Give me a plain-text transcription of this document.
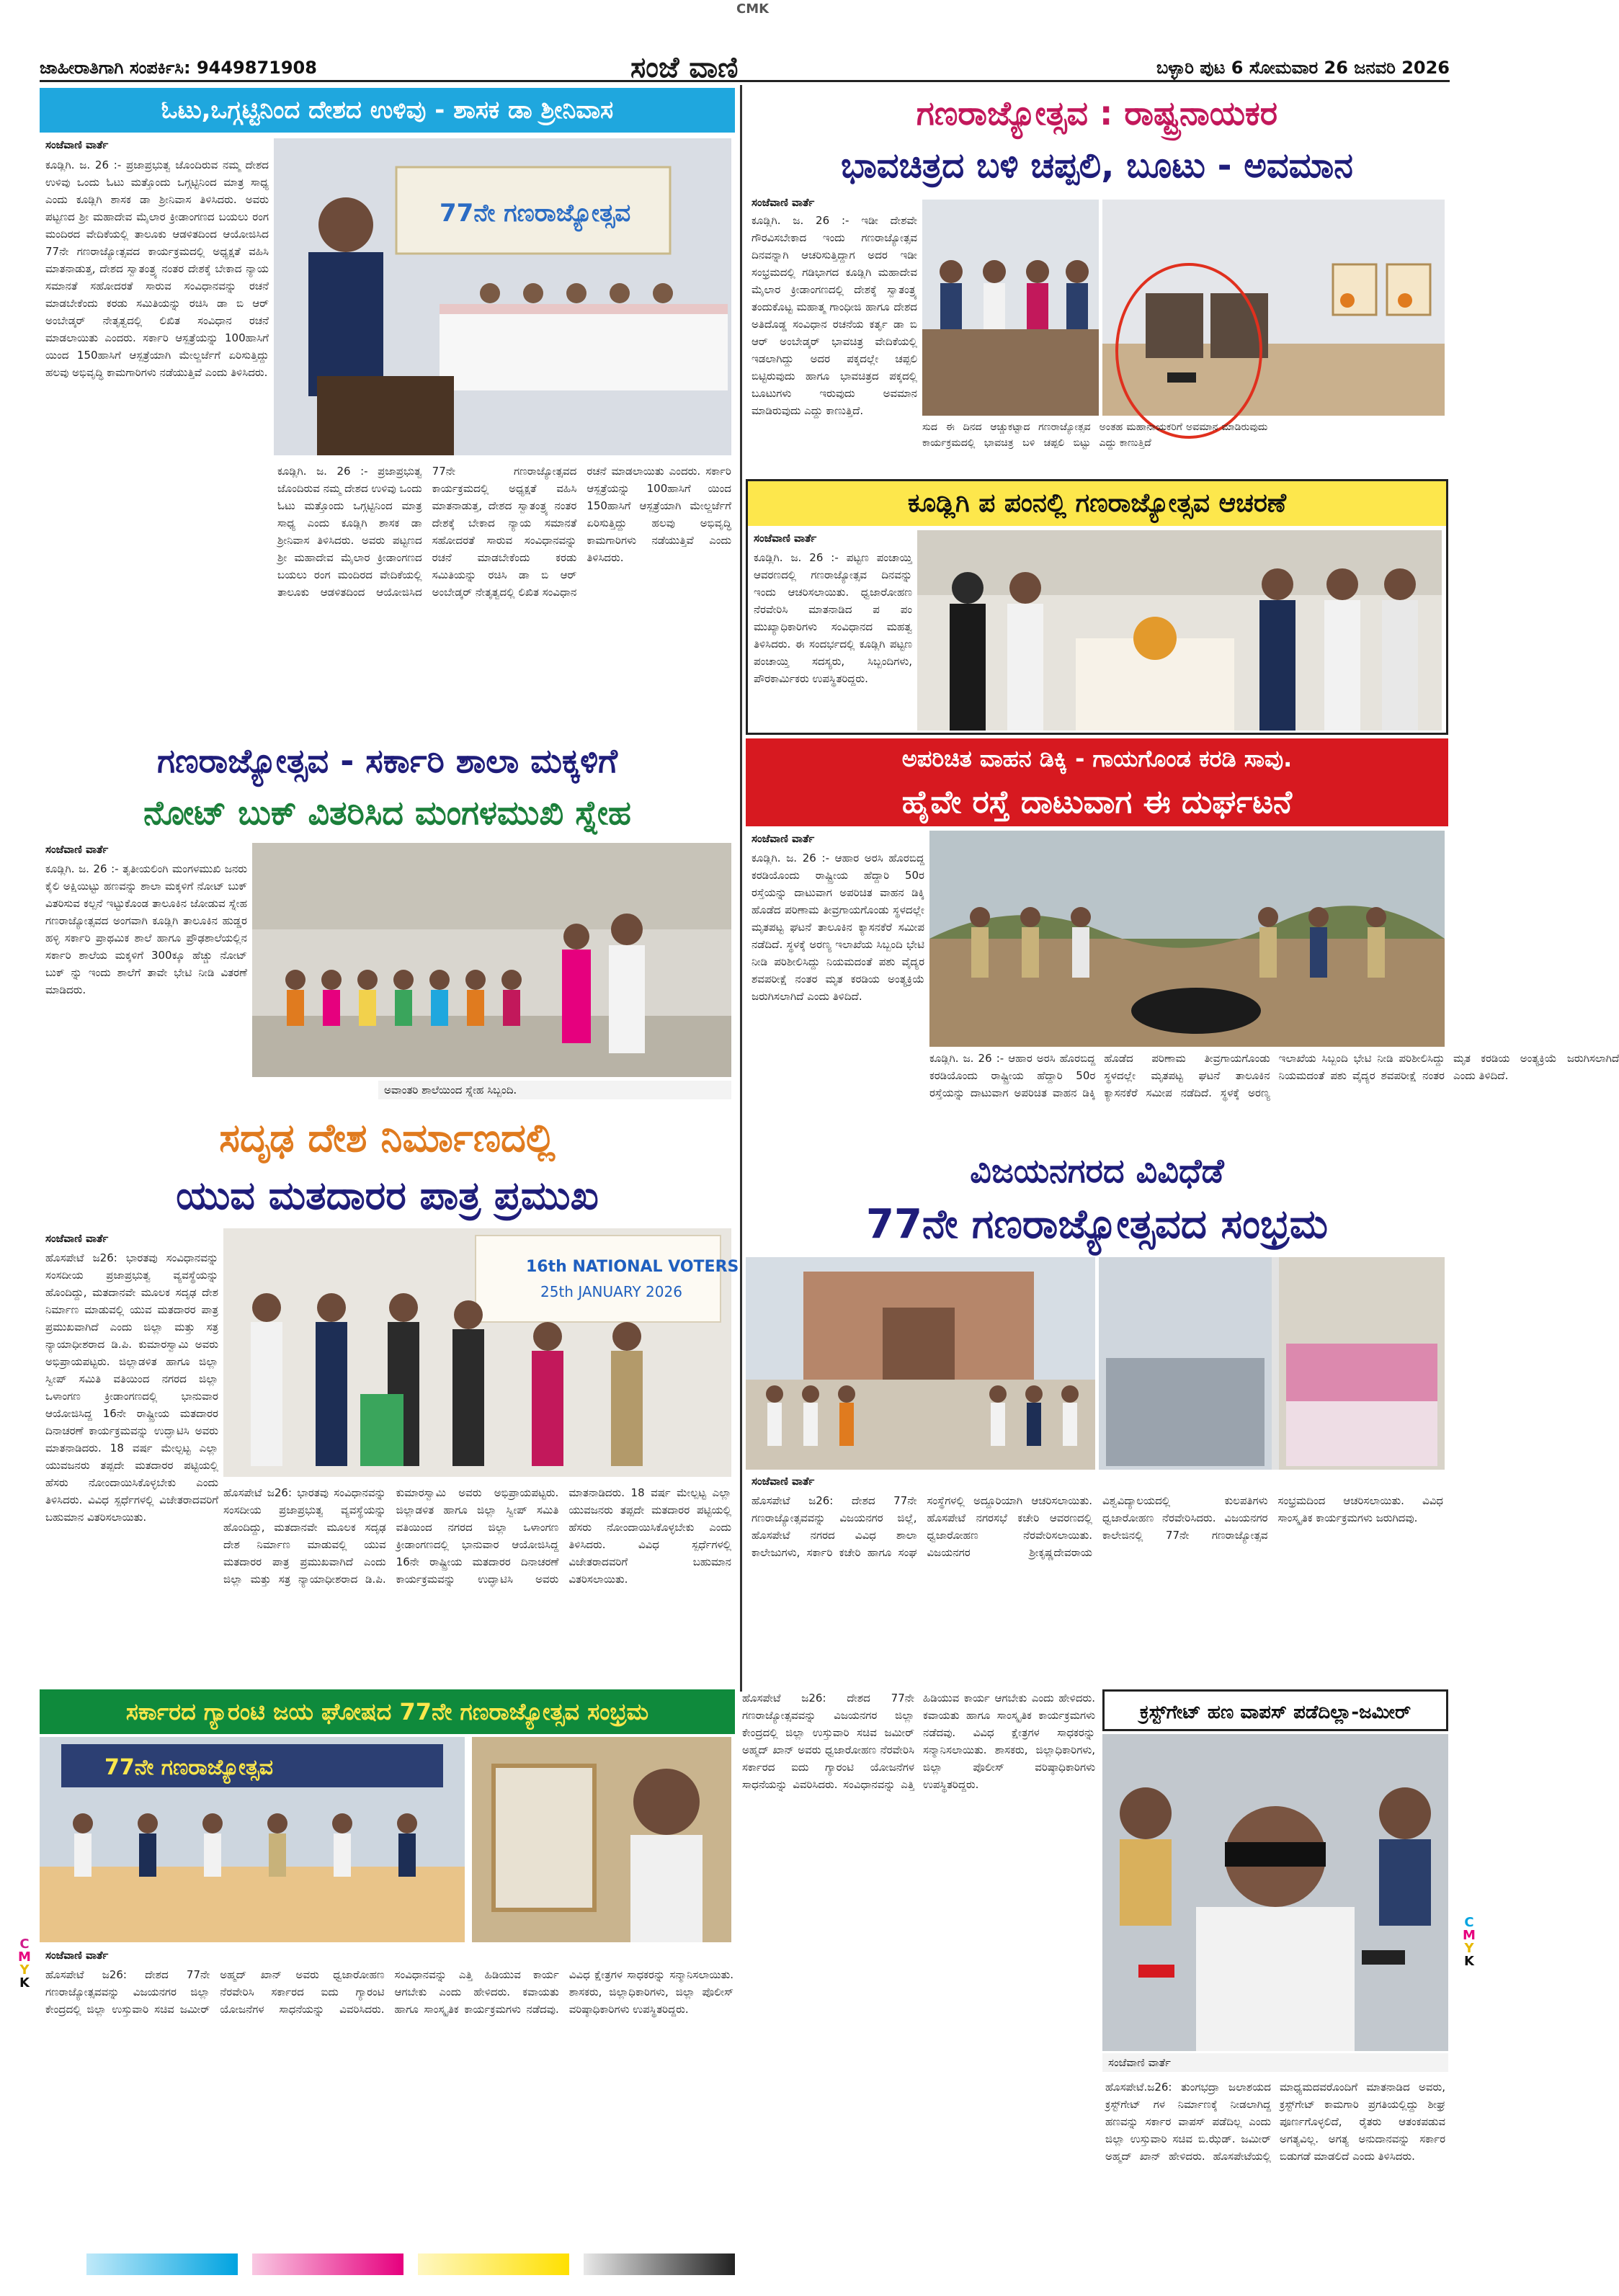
CMK
C
M
Y
K
C
M
Y
K
ಜಾಹೀರಾತಿಗಾಗಿ ಸಂಪರ್ಕಿಸಿ: 9449871908	ಸಂಜೆ ವಾಣಿ	ಬಳ್ಳಾರಿ ಪುಟ 6 ಸೋಮವಾರ 26 ಜನವರಿ 2026
ಓಟು,ಒಗ್ಗಟ್ಟಿನಿಂದ ದೇಶದ ಉಳಿವು - ಶಾಸಕ ಡಾ ಶ್ರೀನಿವಾಸ
ಸಂಜೆವಾಣಿ ವಾರ್ತೆ
ಕೂಡ್ಲಿಗಿ. ಜ. 26 :- ಪ್ರಜಾಪ್ರಭುತ್ವ ಜೊಂದಿರುವ ನಮ್ಮ ದೇಶದ ಉಳಿವು ಒಂದು ಓಟು ಮತ್ತೊಂದು ಒಗ್ಗಟ್ಟಿನಿಂದ ಮಾತ್ರ ಸಾಧ್ಯ ಎಂದು ಕೂಡ್ಲಿಗಿ ಶಾಸಕ ಡಾ ಶ್ರೀನಿವಾಸ ತಿಳಿಸಿದರು. ಅವರು ಪಟ್ಟಣದ ಶ್ರೀ ಮಹಾದೇವ ಮೈಲಾರ ಕ್ರೀಡಾಂಗಣದ ಬಯಲು ರಂಗ ಮಂದಿರದ ವೇದಿಕೆಯಲ್ಲಿ ತಾಲೂಕು ಆಡಳಿತದಿಂದ ಆಯೋಜಿಸಿದ 77ನೇ ಗಣರಾಜ್ಯೋತ್ಸವದ ಕಾರ್ಯಕ್ರಮದಲ್ಲಿ ಅಧ್ಯಕ್ಷತೆ ವಹಿಸಿ ಮಾತನಾಡುತ್ತ, ದೇಶದ ಸ್ವಾತಂತ್ರ್ಯ ನಂತರ ದೇಶಕ್ಕೆ ಬೇಕಾದ ನ್ಯಾಯ ಸಮಾನತೆ ಸಹೋದರತೆ ಸಾರುವ ಸಂವಿಧಾನವನ್ನು ರಚನೆ ಮಾಡಬೇಕೆಂದು ಕರಡು ಸಮಿತಿಯನ್ನು ರಚಿಸಿ ಡಾ ಬಿ ಆರ್ ಅಂಬೇಡ್ಕರ್ ನೇತೃತ್ವದಲ್ಲಿ ಲಿಖಿತ ಸಂವಿಧಾನ ರಚನೆ ಮಾಡಲಾಯಿತು ಎಂದರು. ಸರ್ಕಾರಿ ಆಸ್ಪತ್ರೆಯನ್ನು 100ಹಾಸಿಗೆ ಯಿಂದ 150ಹಾಸಿಗೆ ಆಸ್ಪತ್ರೆಯಾಗಿ ಮೇಲ್ದರ್ಜೆಗೆ ಏರಿಸುತ್ತಿದ್ದು ಹಲವು ಅಭಿವೃದ್ಧಿ ಕಾಮಗಾರಿಗಳು ನಡೆಯುತ್ತಿವೆ ಎಂದು ತಿಳಿಸಿದರು.
77ನೇ ಗಣರಾಜ್ಯೋತ್ಸವ
ಕೂಡ್ಲಿಗಿ. ಜ. 26 :- ಪ್ರಜಾಪ್ರಭುತ್ವ ಜೊಂದಿರುವ ನಮ್ಮ ದೇಶದ ಉಳಿವು ಒಂದು ಓಟು ಮತ್ತೊಂದು ಒಗ್ಗಟ್ಟಿನಿಂದ ಮಾತ್ರ ಸಾಧ್ಯ ಎಂದು ಕೂಡ್ಲಿಗಿ ಶಾಸಕ ಡಾ ಶ್ರೀನಿವಾಸ ತಿಳಿಸಿದರು. ಅವರು ಪಟ್ಟಣದ ಶ್ರೀ ಮಹಾದೇವ ಮೈಲಾರ ಕ್ರೀಡಾಂಗಣದ ಬಯಲು ರಂಗ ಮಂದಿರದ ವೇದಿಕೆಯಲ್ಲಿ ತಾಲೂಕು ಆಡಳಿತದಿಂದ ಆಯೋಜಿಸಿದ 77ನೇ ಗಣರಾಜ್ಯೋತ್ಸವದ ಕಾರ್ಯಕ್ರಮದಲ್ಲಿ ಅಧ್ಯಕ್ಷತೆ ವಹಿಸಿ ಮಾತನಾಡುತ್ತ, ದೇಶದ ಸ್ವಾತಂತ್ರ್ಯ ನಂತರ ದೇಶಕ್ಕೆ ಬೇಕಾದ ನ್ಯಾಯ ಸಮಾನತೆ ಸಹೋದರತೆ ಸಾರುವ ಸಂವಿಧಾನವನ್ನು ರಚನೆ ಮಾಡಬೇಕೆಂದು ಕರಡು ಸಮಿತಿಯನ್ನು ರಚಿಸಿ ಡಾ ಬಿ ಆರ್ ಅಂಬೇಡ್ಕರ್ ನೇತೃತ್ವದಲ್ಲಿ ಲಿಖಿತ ಸಂವಿಧಾನ ರಚನೆ ಮಾಡಲಾಯಿತು ಎಂದರು. ಸರ್ಕಾರಿ ಆಸ್ಪತ್ರೆಯನ್ನು 100ಹಾಸಿಗೆ ಯಿಂದ 150ಹಾಸಿಗೆ ಆಸ್ಪತ್ರೆಯಾಗಿ ಮೇಲ್ದರ್ಜೆಗೆ ಏರಿಸುತ್ತಿದ್ದು ಹಲವು ಅಭಿವೃದ್ಧಿ ಕಾಮಗಾರಿಗಳು ನಡೆಯುತ್ತಿವೆ ಎಂದು ತಿಳಿಸಿದರು.
ಗಣರಾಜ್ಯೋತ್ಸವ : ರಾಷ್ಟ್ರನಾಯಕರ
ಭಾವಚಿತ್ರದ ಬಳಿ ಚಪ್ಪಲಿ, ಬೂಟು - ಅವಮಾನ
ಸಂಜೆವಾಣಿ ವಾರ್ತೆ
ಕೂಡ್ಲಿಗಿ. ಜ. 26 :- ಇಡೀ ದೇಶವೇ ಗೌರವಿಸಬೇಕಾದ ಇಂದು ಗಣರಾಜ್ಯೋತ್ಸವ ದಿನವನ್ನಾಗಿ ಆಚರಿಸುತ್ತಿದ್ದಾಗ ಅದರ ಇಡೀ ಸಂಭ್ರಮದಲ್ಲಿ ಗಡಿಭಾಗದ ಕೂಡ್ಲಿಗಿ ಮಹಾದೇವ ಮೈಲಾರ ಕ್ರೀಡಾಂಗಣದಲ್ಲಿ ದೇಶಕ್ಕೆ ಸ್ವಾತಂತ್ರ್ಯ ತಂದುಕೊಟ್ಟ ಮಹಾತ್ಮ ಗಾಂಧೀಜಿ ಹಾಗೂ ದೇಶದ ಅತಿದೊಡ್ಡ ಸಂವಿಧಾನ ರಚನೆಯ ಕರ್ತೃ ಡಾ ಬಿ ಆರ್ ಅಂಬೇಡ್ಕರ್ ಭಾವಚಿತ್ರ ವೇದಿಕೆಯಲ್ಲಿ ಇಡಲಾಗಿದ್ದು ಅದರ ಪಕ್ಕದಲ್ಲೇ ಚಪ್ಪಲಿ ಬಿಟ್ಟಿರುವುದು ಹಾಗೂ ಭಾವಚಿತ್ರದ ಪಕ್ಕದಲ್ಲಿ ಬೂಟುಗಳು ಇರುವುದು ಅವಮಾನ ಮಾಡಿರುವುದು ಎದ್ದು ಕಾಣುತ್ತಿದೆ.
ಸುದ ಈ ದಿನದ ಆಚ್ಚುಕಟ್ಟಾದ ಗಣರಾಜ್ಯೋತ್ಸವ ಕಾರ್ಯಕ್ರಮದಲ್ಲಿ ಭಾವಚಿತ್ರ ಬಳಿ ಚಪ್ಪಲಿ ಬಿಟ್ಟು ಅಂತಹ ಮಹಾನಾಯಕರಿಗೆ ಅವಮಾನ ಮಾಡಿರುವುದು ಎದ್ದು ಕಾಣುತ್ತಿದೆ
ಕೂಡ್ಲಿಗಿ ಪ ಪಂನಲ್ಲಿ ಗಣರಾಜ್ಯೋತ್ಸವ ಆಚರಣೆ
ಸಂಜೆವಾಣಿ ವಾರ್ತೆ
ಕೂಡ್ಲಿಗಿ. ಜ. 26 :- ಪಟ್ಟಣ ಪಂಚಾಯ್ತಿ ಆವರಣದಲ್ಲಿ ಗಣರಾಜ್ಯೋತ್ಸವ ದಿನವನ್ನು ಇಂದು ಆಚರಿಸಲಾಯಿತು. ಧ್ವಜಾರೋಹಣ ನೆರವೇರಿಸಿ ಮಾತನಾಡಿದ ಪ ಪಂ ಮುಖ್ಯಾಧಿಕಾರಿಗಳು ಸಂವಿಧಾನದ ಮಹತ್ವ ತಿಳಿಸಿದರು. ಈ ಸಂದರ್ಭದಲ್ಲಿ ಕೂಡ್ಲಿಗಿ ಪಟ್ಟಣ ಪಂಚಾಯ್ತಿ ಸದಸ್ಯರು, ಸಿಬ್ಬಂದಿಗಳು, ಪೌರಕಾರ್ಮಿಕರು ಉಪಸ್ಥಿತರಿದ್ದರು.
ಗಣರಾಜ್ಯೋತ್ಸವ - ಸರ್ಕಾರಿ ಶಾಲಾ ಮಕ್ಕಳಿಗೆ
ನೋಟ್ ಬುಕ್ ವಿತರಿಸಿದ ಮಂಗಳಮುಖಿ ಸ್ನೇಹ
ಸಂಜೆವಾಣಿ ವಾರ್ತೆ
ಕೂಡ್ಲಿಗಿ. ಜ. 26 :- ತೃತೀಯಲಿಂಗಿ ಮಂಗಳಮುಖಿ ಜನರು ಕೈಲಿ ಅಕ್ಷಿಯಿಟ್ಟು ಹಣವನ್ನು ಶಾಲಾ ಮಕ್ಕಳಿಗೆ ನೋಟ್ ಬುಕ್ ವಿತರಿಸುವ ಕಲ್ಪನೆ ಇಟ್ಟುಕೊಂಡ ತಾಲೂಕಿನ ಜೋಡುವ ಸ್ನೇಹ ಗಣರಾಜ್ಯೋತ್ಸವದ ಅಂಗವಾಗಿ ಕೂಡ್ಲಿಗಿ ತಾಲೂಕಿನ ಹುಡ್ಡರ ಹಳ್ಳಿ ಸರ್ಕಾರಿ ಪ್ರಾಥಮಿಕ ಶಾಲೆ ಹಾಗೂ ಪ್ರೌಢಶಾಲೆಯಲ್ಲಿನ ಸರ್ಕಾರಿ ಶಾಲೆಯ ಮಕ್ಕಳಿಗೆ 300ಕ್ಕೂ ಹೆಚ್ಚು ನೋಟ್ ಬುಕ್ ನ್ನು ಇಂದು ಶಾಲೆಗೆ ತಾವೇ ಭೇಟಿ ನೀಡಿ ವಿತರಣೆ ಮಾಡಿದರು.
ಅವಾಂತರಿ ಶಾಲೆಯಿಂದ ಸ್ನೇಹ ಸಿಬ್ಬಂದಿ.
ಅಪರಿಚಿತ ವಾಹನ ಡಿಕ್ಕಿ - ಗಾಯಗೊಂಡ ಕರಡಿ ಸಾವು.
ಹೈವೇ ರಸ್ತೆ ದಾಟುವಾಗ ಈ ದುರ್ಘಟನೆ
ಸಂಜೆವಾಣಿ ವಾರ್ತೆ
ಕೂಡ್ಲಿಗಿ. ಜ. 26 :- ಆಹಾರ ಅರಸಿ ಹೊರಬಿದ್ದ ಕರಡಿಯೊಂದು ರಾಷ್ಟ್ರೀಯ ಹೆದ್ದಾರಿ 50ರ ರಸ್ತೆಯನ್ನು ದಾಟುವಾಗ ಅಪರಿಚಿತ ವಾಹನ ಡಿಕ್ಕಿ ಹೊಡೆದ ಪರಿಣಾಮ ತೀವ್ರಗಾಯಗೊಂಡು ಸ್ಥಳದಲ್ಲೇ ಮೃತಪಟ್ಟ ಘಟನೆ ತಾಲೂಕಿನ ಕ್ಯಾಸನಕೆರೆ ಸಮೀಪ ನಡೆದಿದೆ. ಸ್ಥಳಕ್ಕೆ ಅರಣ್ಯ ಇಲಾಖೆಯ ಸಿಬ್ಬಂದಿ ಭೇಟಿ ನೀಡಿ ಪರಿಶೀಲಿಸಿದ್ದು ನಿಯಮದಂತೆ ಪಶು ವೈದ್ಯರ ಶವಪರೀಕ್ಷೆ ನಂತರ ಮೃತ ಕರಡಿಯ ಅಂತ್ಯಕ್ರಿಯೆ ಜರುಗಿಸಲಾಗಿದೆ ಎಂದು ತಿಳಿದಿದೆ.
ಕೂಡ್ಲಿಗಿ. ಜ. 26 :- ಆಹಾರ ಅರಸಿ ಹೊರಬಿದ್ದ ಕರಡಿಯೊಂದು ರಾಷ್ಟ್ರೀಯ ಹೆದ್ದಾರಿ 50ರ ರಸ್ತೆಯನ್ನು ದಾಟುವಾಗ ಅಪರಿಚಿತ ವಾಹನ ಡಿಕ್ಕಿ ಹೊಡೆದ ಪರಿಣಾಮ ತೀವ್ರಗಾಯಗೊಂಡು ಸ್ಥಳದಲ್ಲೇ ಮೃತಪಟ್ಟ ಘಟನೆ ತಾಲೂಕಿನ ಕ್ಯಾಸನಕೆರೆ ಸಮೀಪ ನಡೆದಿದೆ. ಸ್ಥಳಕ್ಕೆ ಅರಣ್ಯ ಇಲಾಖೆಯ ಸಿಬ್ಬಂದಿ ಭೇಟಿ ನೀಡಿ ಪರಿಶೀಲಿಸಿದ್ದು ನಿಯಮದಂತೆ ಪಶು ವೈದ್ಯರ ಶವಪರೀಕ್ಷೆ ನಂತರ ಮೃತ ಕರಡಿಯ ಅಂತ್ಯಕ್ರಿಯೆ ಜರುಗಿಸಲಾಗಿದೆ ಎಂದು ತಿಳಿದಿದೆ.
ಸದೃಢ ದೇಶ ನಿರ್ಮಾಣದಲ್ಲಿ
ಯುವ ಮತದಾರರ ಪಾತ್ರ ಪ್ರಮುಖ
ಸಂಜೆವಾಣಿ ವಾರ್ತೆ
ಹೊಸಪೇಟೆ ಜ26: ಭಾರತವು ಸಂವಿಧಾನವನ್ನು ಸಂಸದೀಯ ಪ್ರಜಾಪ್ರಭುತ್ವ ವ್ಯವಸ್ಥೆಯನ್ನು ಹೊಂದಿದ್ದು, ಮತದಾನವೇ ಮೂಲಕ ಸದೃಢ ದೇಶ ನಿರ್ಮಾಣ ಮಾಡುವಲ್ಲಿ ಯುವ ಮತದಾರರ ಪಾತ್ರ ಪ್ರಮುಖವಾಗಿದೆ ಎಂದು ಜಿಲ್ಲಾ ಮತ್ತು ಸತ್ರ ನ್ಯಾಯಾಧೀಶರಾದ ಡಿ.ಪಿ. ಕುಮಾರಸ್ವಾಮಿ ಅವರು ಅಭಿಪ್ರಾಯಪಟ್ಟರು. ಜಿಲ್ಲಾಡಳಿತ ಹಾಗೂ ಜಿಲ್ಲಾ ಸ್ವೀಪ್ ಸಮಿತಿ ವತಿಯಿಂದ ನಗರದ ಜಿಲ್ಲಾ ಒಳಾಂಗಣ ಕ್ರೀಡಾಂಗಣದಲ್ಲಿ ಭಾನುವಾರ ಆಯೋಜಿಸಿದ್ದ 16ನೇ ರಾಷ್ಟ್ರೀಯ ಮತದಾರರ ದಿನಾಚರಣೆ ಕಾರ್ಯಕ್ರಮವನ್ನು ಉದ್ಘಾಟಿಸಿ ಅವರು ಮಾತನಾಡಿದರು. 18 ವರ್ಷ ಮೇಲ್ಪಟ್ಟ ಎಲ್ಲಾ ಯುವಜನರು ತಪ್ಪದೇ ಮತದಾರರ ಪಟ್ಟಿಯಲ್ಲಿ ಹೆಸರು ನೋಂದಾಯಿಸಿಕೊಳ್ಳಬೇಕು ಎಂದು ತಿಳಿಸಿದರು. ವಿವಿಧ ಸ್ಪರ್ಧೆಗಳಲ್ಲಿ ವಿಜೇತರಾದವರಿಗೆ ಬಹುಮಾನ ವಿತರಿಸಲಾಯಿತು.
16th NATIONAL VOTERS
25th JANUARY 2026
ಹೊಸಪೇಟೆ ಜ26: ಭಾರತವು ಸಂವಿಧಾನವನ್ನು ಸಂಸದೀಯ ಪ್ರಜಾಪ್ರಭುತ್ವ ವ್ಯವಸ್ಥೆಯನ್ನು ಹೊಂದಿದ್ದು, ಮತದಾನವೇ ಮೂಲಕ ಸದೃಢ ದೇಶ ನಿರ್ಮಾಣ ಮಾಡುವಲ್ಲಿ ಯುವ ಮತದಾರರ ಪಾತ್ರ ಪ್ರಮುಖವಾಗಿದೆ ಎಂದು ಜಿಲ್ಲಾ ಮತ್ತು ಸತ್ರ ನ್ಯಾಯಾಧೀಶರಾದ ಡಿ.ಪಿ. ಕುಮಾರಸ್ವಾಮಿ ಅವರು ಅಭಿಪ್ರಾಯಪಟ್ಟರು. ಜಿಲ್ಲಾಡಳಿತ ಹಾಗೂ ಜಿಲ್ಲಾ ಸ್ವೀಪ್ ಸಮಿತಿ ವತಿಯಿಂದ ನಗರದ ಜಿಲ್ಲಾ ಒಳಾಂಗಣ ಕ್ರೀಡಾಂಗಣದಲ್ಲಿ ಭಾನುವಾರ ಆಯೋಜಿಸಿದ್ದ 16ನೇ ರಾಷ್ಟ್ರೀಯ ಮತದಾರರ ದಿನಾಚರಣೆ ಕಾರ್ಯಕ್ರಮವನ್ನು ಉದ್ಘಾಟಿಸಿ ಅವರು ಮಾತನಾಡಿದರು. 18 ವರ್ಷ ಮೇಲ್ಪಟ್ಟ ಎಲ್ಲಾ ಯುವಜನರು ತಪ್ಪದೇ ಮತದಾರರ ಪಟ್ಟಿಯಲ್ಲಿ ಹೆಸರು ನೋಂದಾಯಿಸಿಕೊಳ್ಳಬೇಕು ಎಂದು ತಿಳಿಸಿದರು. ವಿವಿಧ ಸ್ಪರ್ಧೆಗಳಲ್ಲಿ ವಿಜೇತರಾದವರಿಗೆ ಬಹುಮಾನ ವಿತರಿಸಲಾಯಿತು.
ವಿಜಯನಗರದ ವಿವಿಧೆಡೆ
77ನೇ ಗಣರಾಜ್ಯೋತ್ಸವದ ಸಂಭ್ರಮ
ಸಂಜೆವಾಣಿ ವಾರ್ತೆ
ಹೊಸಪೇಟೆ ಜ26: ದೇಶದ 77ನೇ ಗಣರಾಜ್ಯೋತ್ಸವವನ್ನು ವಿಜಯನಗರ ಜಿಲ್ಲೆ, ಹೊಸಪೇಟೆ ನಗರದ ವಿವಿಧ ಶಾಲಾ ಕಾಲೇಜುಗಳು, ಸರ್ಕಾರಿ ಕಚೇರಿ ಹಾಗೂ ಸಂಘ ಸಂಸ್ಥೆಗಳಲ್ಲಿ ಅದ್ದೂರಿಯಾಗಿ ಆಚರಿಸಲಾಯಿತು. ಹೊಸಪೇಟೆ ನಗರಸಭೆ ಕಚೇರಿ ಆವರಣದಲ್ಲಿ ಧ್ವಜಾರೋಹಣ ನೆರವೇರಿಸಲಾಯಿತು. ವಿಜಯನಗರ ಶ್ರೀಕೃಷ್ಣದೇವರಾಯ ವಿಶ್ವವಿದ್ಯಾಲಯದಲ್ಲಿ ಕುಲಪತಿಗಳು ಧ್ವಜಾರೋಹಣ ನೆರವೇರಿಸಿದರು. ವಿಜಯನಗರ ಕಾಲೇಜಿನಲ್ಲಿ 77ನೇ ಗಣರಾಜ್ಯೋತ್ಸವ ಸಂಭ್ರಮದಿಂದ ಆಚರಿಸಲಾಯಿತು. ವಿವಿಧ ಸಾಂಸ್ಕೃತಿಕ ಕಾರ್ಯಕ್ರಮಗಳು ಜರುಗಿದವು.
ಸರ್ಕಾರದ ಗ್ಯಾರಂಟಿ ಜಯ ಘೋಷದ 77ನೇ ಗಣರಾಜ್ಯೋತ್ಸವ ಸಂಭ್ರಮ
77ನೇ ಗಣರಾಜ್ಯೋತ್ಸವ
ಸಂಜೆವಾಣಿ ವಾರ್ತೆ
ಹೊಸಪೇಟೆ ಜ26: ದೇಶದ 77ನೇ ಗಣರಾಜ್ಯೋತ್ಸವವನ್ನು ವಿಜಯನಗರ ಜಿಲ್ಲಾ ಕೇಂದ್ರದಲ್ಲಿ ಜಿಲ್ಲಾ ಉಸ್ತುವಾರಿ ಸಚಿವ ಜಮೀರ್ ಅಹ್ಮದ್ ಖಾನ್ ಅವರು ಧ್ವಜಾರೋಹಣ ನೆರವೇರಿಸಿ ಸರ್ಕಾರದ ಐದು ಗ್ಯಾರಂಟಿ ಯೋಜನೆಗಳ ಸಾಧನೆಯನ್ನು ವಿವರಿಸಿದರು. ಸಂವಿಧಾನವನ್ನು ಎತ್ತಿ ಹಿಡಿಯುವ ಕಾರ್ಯ ಆಗಬೇಕು ಎಂದು ಹೇಳಿದರು. ಕವಾಯತು ಹಾಗೂ ಸಾಂಸ್ಕೃತಿಕ ಕಾರ್ಯಕ್ರಮಗಳು ನಡೆದವು. ವಿವಿಧ ಕ್ಷೇತ್ರಗಳ ಸಾಧಕರನ್ನು ಸನ್ಮಾನಿಸಲಾಯಿತು. ಶಾಸಕರು, ಜಿಲ್ಲಾಧಿಕಾರಿಗಳು, ಜಿಲ್ಲಾ ಪೊಲೀಸ್ ವರಿಷ್ಠಾಧಿಕಾರಿಗಳು ಉಪಸ್ಥಿತರಿದ್ದರು.
ಹೊಸಪೇಟೆ ಜ26: ದೇಶದ 77ನೇ ಗಣರಾಜ್ಯೋತ್ಸವವನ್ನು ವಿಜಯನಗರ ಜಿಲ್ಲಾ ಕೇಂದ್ರದಲ್ಲಿ ಜಿಲ್ಲಾ ಉಸ್ತುವಾರಿ ಸಚಿವ ಜಮೀರ್ ಅಹ್ಮದ್ ಖಾನ್ ಅವರು ಧ್ವಜಾರೋಹಣ ನೆರವೇರಿಸಿ ಸರ್ಕಾರದ ಐದು ಗ್ಯಾರಂಟಿ ಯೋಜನೆಗಳ ಸಾಧನೆಯನ್ನು ವಿವರಿಸಿದರು. ಸಂವಿಧಾನವನ್ನು ಎತ್ತಿ ಹಿಡಿಯುವ ಕಾರ್ಯ ಆಗಬೇಕು ಎಂದು ಹೇಳಿದರು. ಕವಾಯತು ಹಾಗೂ ಸಾಂಸ್ಕೃತಿಕ ಕಾರ್ಯಕ್ರಮಗಳು ನಡೆದವು. ವಿವಿಧ ಕ್ಷೇತ್ರಗಳ ಸಾಧಕರನ್ನು ಸನ್ಮಾನಿಸಲಾಯಿತು. ಶಾಸಕರು, ಜಿಲ್ಲಾಧಿಕಾರಿಗಳು, ಜಿಲ್ಲಾ ಪೊಲೀಸ್ ವರಿಷ್ಠಾಧಿಕಾರಿಗಳು ಉಪಸ್ಥಿತರಿದ್ದರು.
ಕ್ರಸ್ಟ್‌ಗೇಟ್ ಹಣ ವಾಪಸ್ ಪಡೆದಿಲ್ಲಾ-ಜಮೀರ್
ಸಂಜೆವಾಣಿ ವಾರ್ತೆ
ಹೊಸಪೇಟೆ.ಜ26: ತುಂಗಭದ್ರಾ ಜಲಾಶಯದ ಕ್ರಸ್ಟ್‌ಗೇಟ್ ಗಳ ನಿರ್ಮಾಣಕ್ಕೆ ನೀಡಲಾಗಿದ್ದ ಹಣವನ್ನು ಸರ್ಕಾರ ವಾಪಸ್ ಪಡೆದಿಲ್ಲ ಎಂದು ಜಿಲ್ಲಾ ಉಸ್ತುವಾರಿ ಸಚಿವ ಬಿ.ಝೆಡ್. ಜಮೀರ್ ಅಹ್ಮದ್ ಖಾನ್ ಹೇಳಿದರು. ಹೊಸಪೇಟೆಯಲ್ಲಿ ಮಾಧ್ಯಮದವರೊಂದಿಗೆ ಮಾತನಾಡಿದ ಅವರು, ಕ್ರಸ್ಟ್‌ಗೇಟ್ ಕಾಮಗಾರಿ ಪ್ರಗತಿಯಲ್ಲಿದ್ದು ಶೀಘ್ರ ಪೂರ್ಣಗೊಳ್ಳಲಿದೆ, ರೈತರು ಆತಂಕಪಡುವ ಅಗತ್ಯವಿಲ್ಲ. ಅಗತ್ಯ ಅನುದಾನವನ್ನು ಸರ್ಕಾರ ಬಿಡುಗಡೆ ಮಾಡಲಿದೆ ಎಂದು ತಿಳಿಸಿದರು.
